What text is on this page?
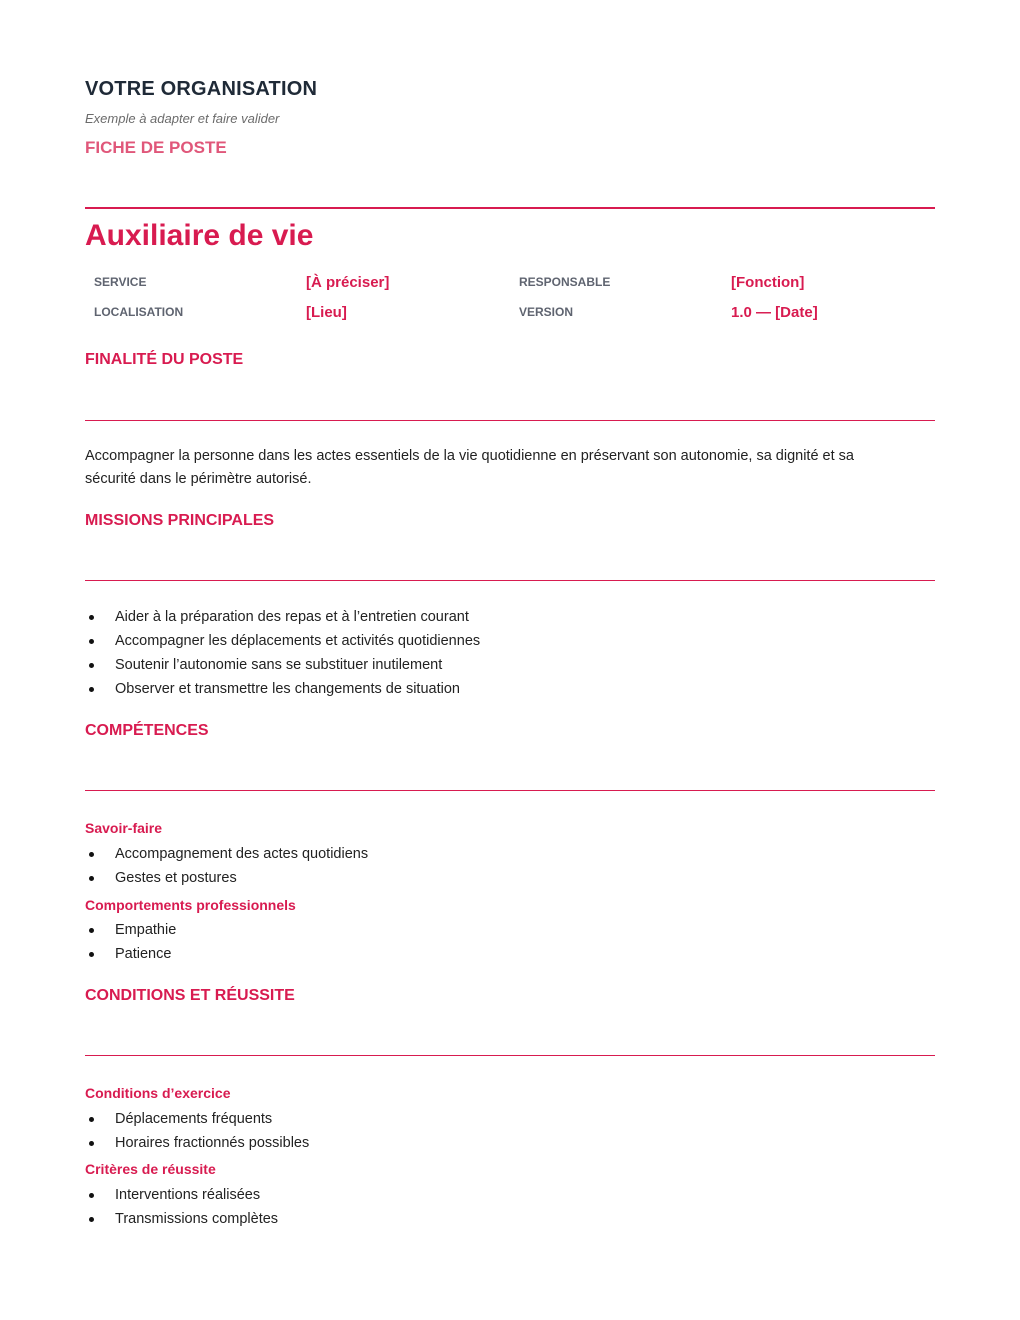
VOTRE ORGANISATION
Exemple à adapter et faire valider
FICHE DE POSTE
Auxiliaire de vie
SERVICE	[À préciser]	RESPONSABLE	[Fonction]
LOCALISATION	[Lieu]	VERSION	1.0 — [Date]
FINALITÉ DU POSTE
Accompagner la personne dans les actes essentiels de la vie quotidienne en préservant son autonomie, sa dignité et sa sécurité dans le périmètre autorisé.
MISSIONS PRINCIPALES
Aider à la préparation des repas et à l’entretien courant
Accompagner les déplacements et activités quotidiennes
Soutenir l’autonomie sans se substituer inutilement
Observer et transmettre les changements de situation
COMPÉTENCES
Savoir-faire
Accompagnement des actes quotidiens
Gestes et postures
Comportements professionnels
Empathie
Patience
CONDITIONS ET RÉUSSITE
Conditions d’exercice
Déplacements fréquents
Horaires fractionnés possibles
Critères de réussite
Interventions réalisées
Transmissions complètes
